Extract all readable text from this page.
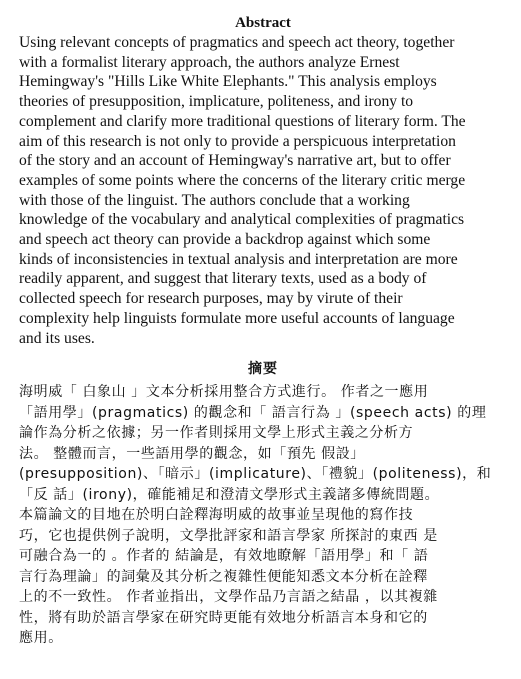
Abstract
Using relevant concepts of pragmatics and speech act theory, together
with a formalist literary approach, the authors analyze Ernest
Hemingway's "Hills Like White Elephants." This analysis employs
theories of presupposition, implicature, politeness, and irony to
complement and clarify more traditional questions of literary form. The
aim of this research is not only to provide a perspicuous interpretation
of the story and an account of Hemingway's narrative art, but to offer
examples of some points where the concerns of the literary critic merge
with those of the linguist. The authors conclude that a working
knowledge of the vocabulary and analytical complexities of pragmatics
and speech act theory can provide a backdrop against which some
kinds of inconsistencies in textual analysis and interpretation are more
readily apparent, and suggest that literary texts, used as a body of
collected speech for research purposes, may by virute of their
complexity help linguists formulate more useful accounts of language
and its uses.
摘要
海明威「 白象山 」文本分析採用整合方式進行。 作者之一應用
「語用學」(pragmatics) 的觀念和「 語言行為 」(speech acts) 的理
論作為分析之依據；另一作者則採用文學上形式主義之分析方
法。 整體而言，一些語用學的觀念，如「預先 假設」
(presupposition)、「暗示」(implicature)、「禮貌」(politeness)，和
「反 話」(irony)，確能補足和澄清文學形式主義諸多傳統問題。
本篇論文的目地在於明白詮釋海明威的故事並呈現他的寫作技
巧，它也提供例子說明，文學批評家和語言學家 所探討的東西 是
可融合為一的 。作者的 結論是，有效地瞭解「語用學」和「 語
言行為理論」的詞彙及其分析之複雜性便能知悉文本分析在詮釋
上的不一致性。 作者並指出，文學作品乃言語之結晶 ，以其複雜
性，將有助於語言學家在研究時更能有效地分析語言本身和它的
應用。
